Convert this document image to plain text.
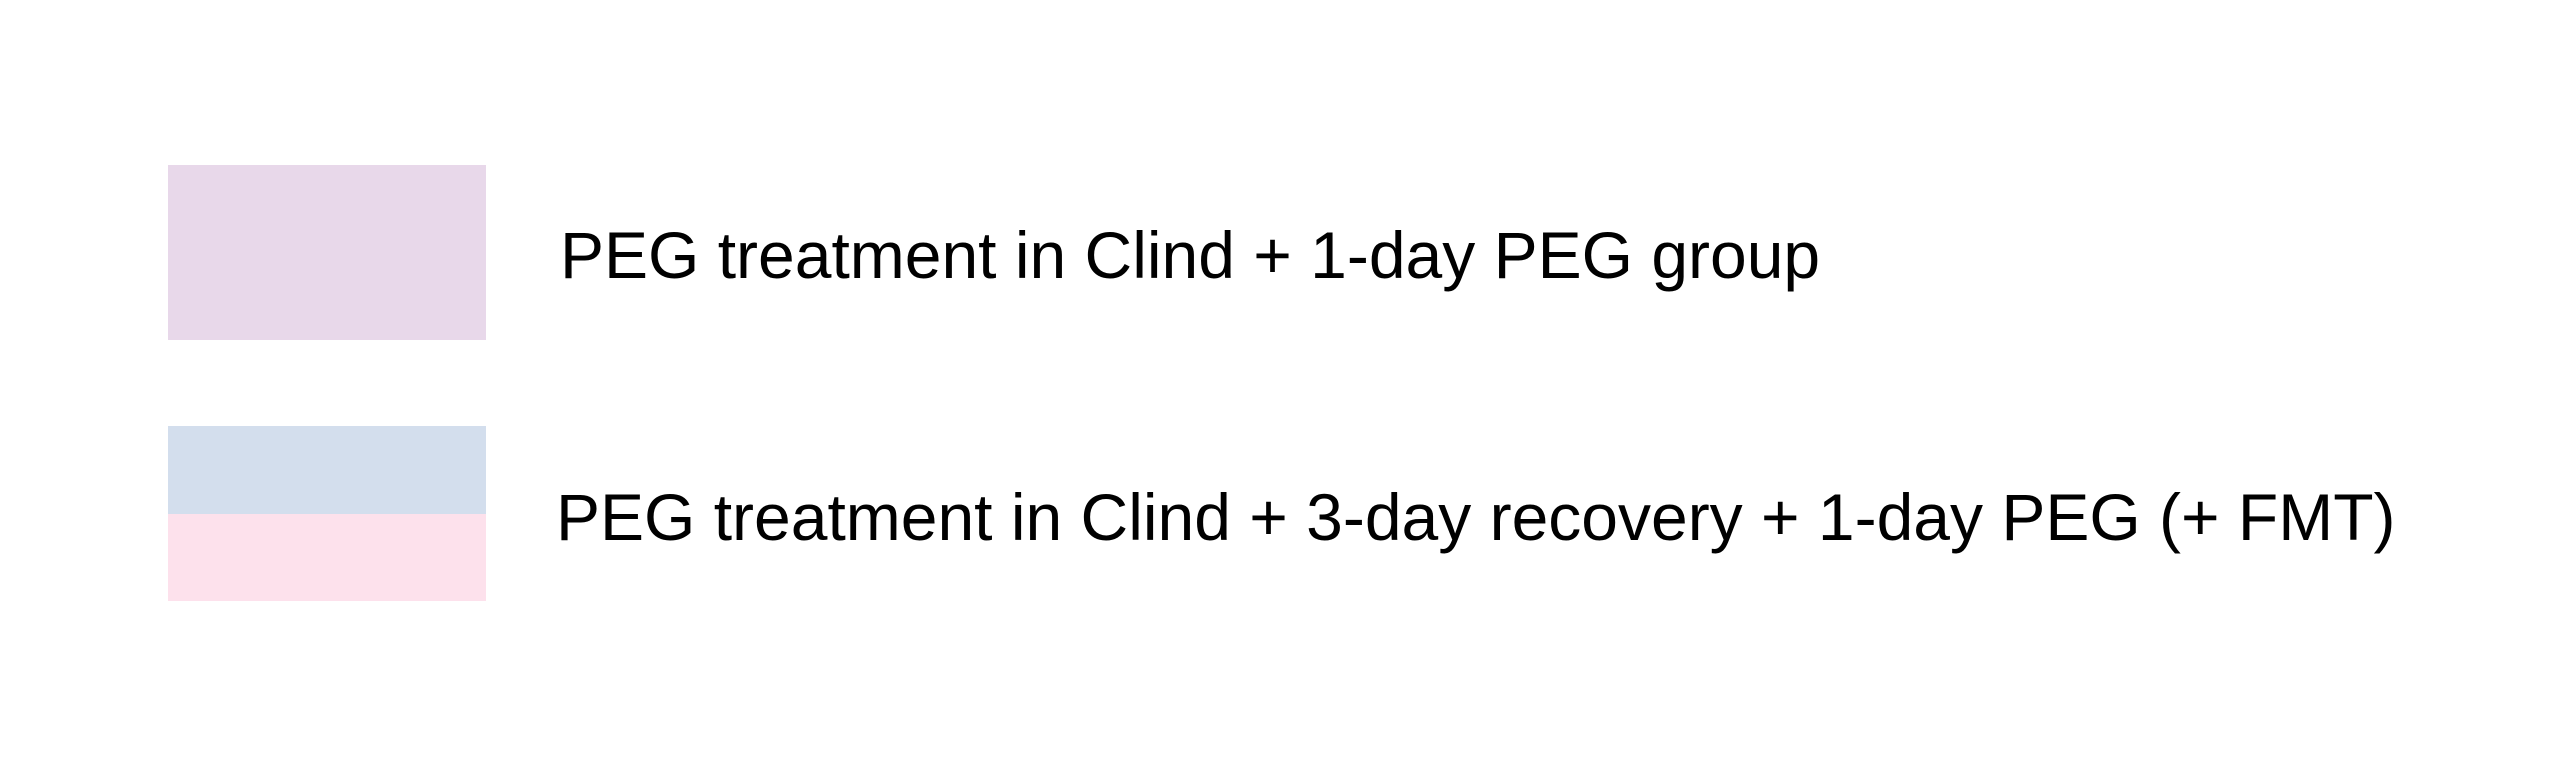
PEG treatment in Clind + 1-day PEG group
PEG treatment in Clind + 3-day recovery + 1-day PEG (+ FMT)
